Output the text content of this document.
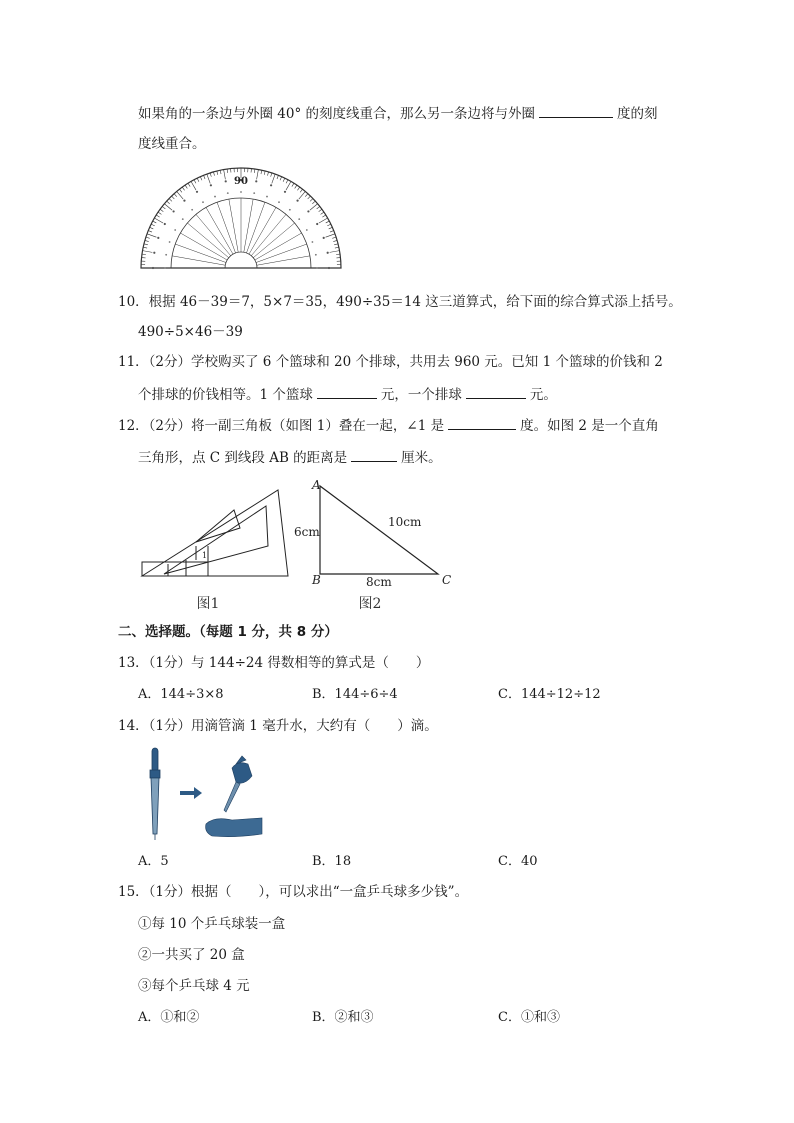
如果角的一条边与外圈 40° 的刻度线重合，那么另一条边将与外圈	度的刻
度线重合。
90
10．根据 46－39＝7，5×7＝35，490÷35＝14 这三道算式，给下面的综合算式添上括号。
490÷5×46－39
11．（2分）学校购买了 6 个篮球和 20 个排球，共用去 960 元。已知 1 个篮球的价钱和 2
个排球的价钱相等。1 个篮球	元，一个排球	元。
12．（2分）将一副三角板（如图 1）叠在一起，∠1 是	度。如图 2 是一个直角
三角形，点 C 到线段 AB 的距离是	厘米。
1
图1
A
B	C
6cm
8cm
10cm
图2
二、选择题。（每题 1 分，共 8 分）
13．（1分）与 144÷24 得数相等的算式是（　　）
A．144÷3×8	B．144÷6÷4	C．144÷12÷12
14．（1分）用滴管滴 1 毫升水，大约有（　　）滴。
A．5	B．18	C．40
15．（1分）根据（　　），可以求出“一盒乒乓球多少钱”。
①每 10 个乒乓球装一盒
②一共买了 20 盒
③每个乒乓球 4 元
A．①和②	B．②和③	C．①和③
